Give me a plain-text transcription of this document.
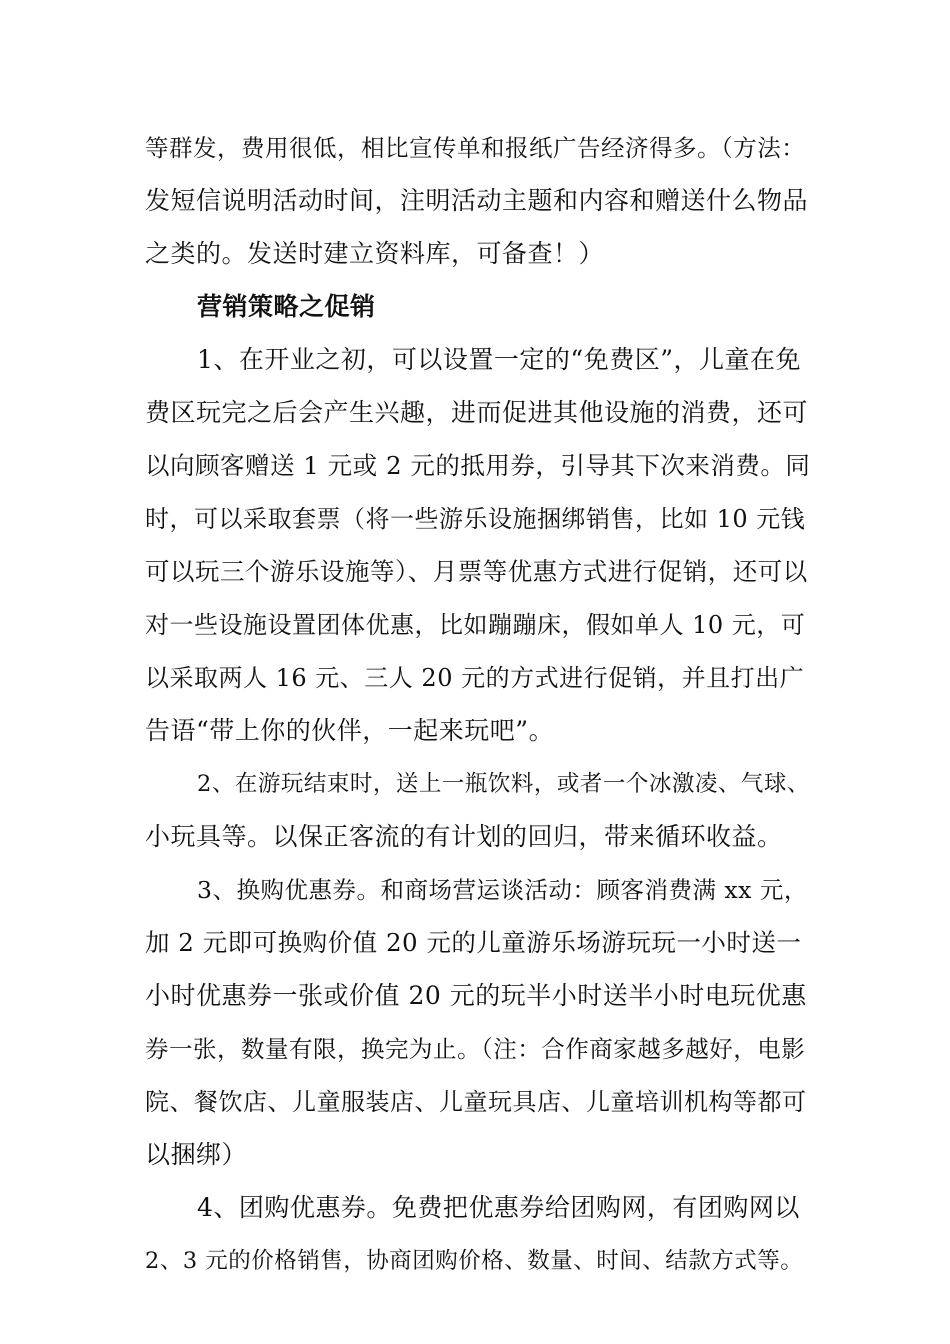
等群发，费用很低，相比宣传单和报纸广告经济得多。（方法：
发短信说明活动时间，注明活动主题和内容和赠送什么物品
之类的。发送时建立资料库，可备查！）
营销策略之促销
1、在开业之初，可以设置一定的“免费区”，儿童在免
费区玩完之后会产生兴趣，进而促进其他设施的消费，还可
以向顾客赠送 1 元或 2 元的抵用券，引导其下次来消费。同
时，可以采取套票（将一些游乐设施捆绑销售，比如 10 元钱
可以玩三个游乐设施等）、月票等优惠方式进行促销，还可以
对一些设施设置团体优惠，比如蹦蹦床，假如单人 10 元，可
以采取两人 16 元、三人 20 元的方式进行促销，并且打出广
告语“带上你的伙伴，一起来玩吧”。
2、在游玩结束时，送上一瓶饮料，或者一个冰激凌、气球、
小玩具等。以保正客流的有计划的回归，带来循环收益。
3、换购优惠券。和商场营运谈活动：顾客消费满 xx 元，
加 2 元即可换购价值 20 元的儿童游乐场游玩玩一小时送一
小时优惠券一张或价值 20 元的玩半小时送半小时电玩优惠
券一张，数量有限，换完为止。（注：合作商家越多越好，电影
院、餐饮店、儿童服装店、儿童玩具店、儿童培训机构等都可
以捆绑）
4、团购优惠券。免费把优惠券给团购网，有团购网以
2、3 元的价格销售，协商团购价格、数量、时间、结款方式等。
